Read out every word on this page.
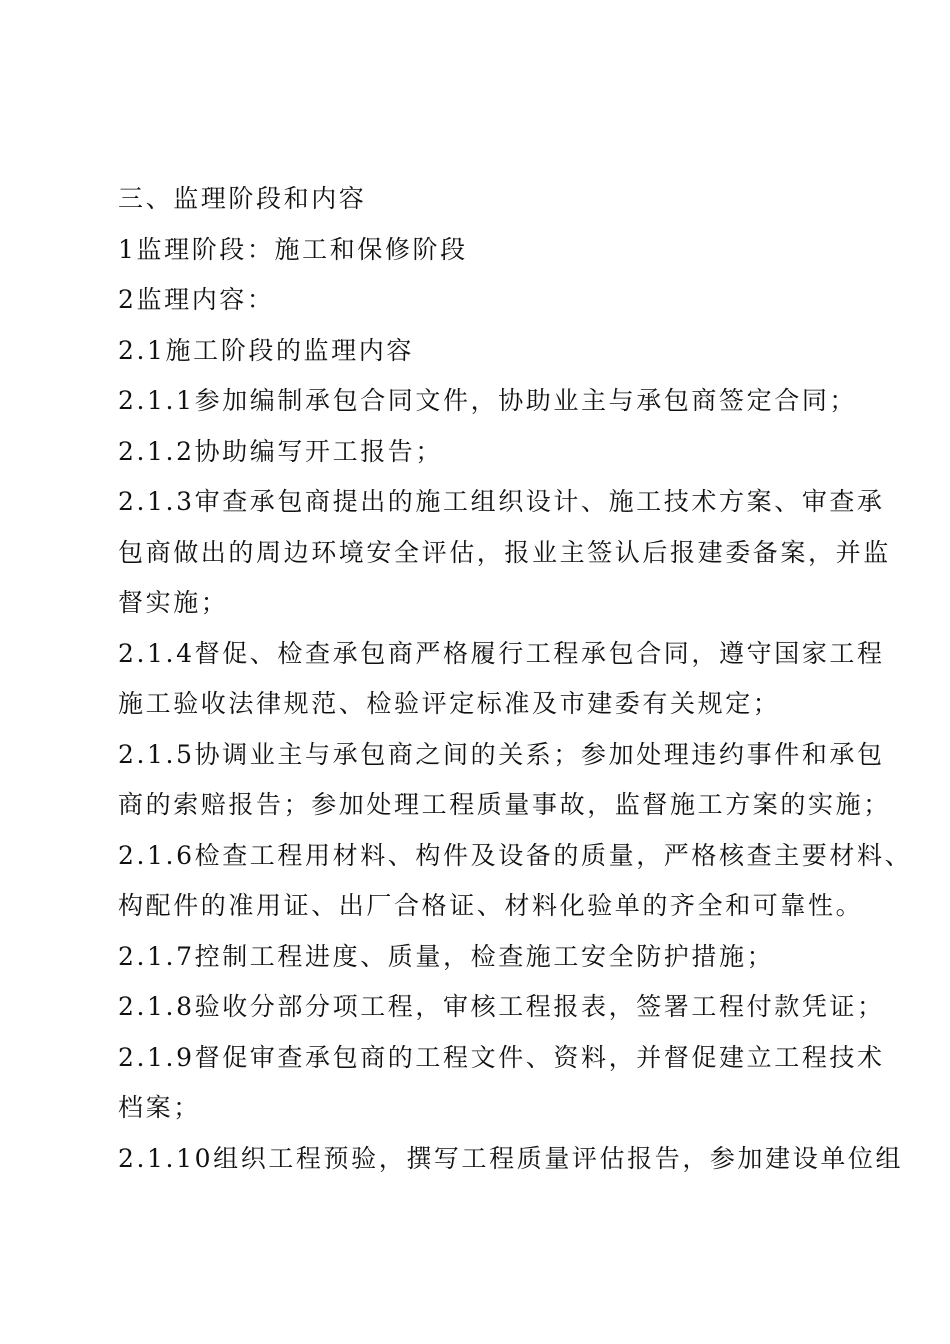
三、监理阶段和内容
1监理阶段：施工和保修阶段
2监理内容：
2.1施工阶段的监理内容
2.1.1参加编制承包合同文件，协助业主与承包商签定合同；
2.1.2协助编写开工报告；
2.1.3审查承包商提出的施工组织设计、施工技术方案、审查承
包商做出的周边环境安全评估，报业主签认后报建委备案，并监
督实施；
2.1.4督促、检查承包商严格履行工程承包合同，遵守国家工程
施工验收法律规范、检验评定标准及市建委有关规定；
2.1.5协调业主与承包商之间的关系；参加处理违约事件和承包
商的索赔报告；参加处理工程质量事故，监督施工方案的实施；
2.1.6检查工程用材料、构件及设备的质量，严格核查主要材料、
构配件的准用证、出厂合格证、材料化验单的齐全和可靠性。
2.1.7控制工程进度、质量，检查施工安全防护措施；
2.1.8验收分部分项工程，审核工程报表，签署工程付款凭证；
2.1.9督促审查承包商的工程文件、资料，并督促建立工程技术
档案；
2.1.10组织工程预验，撰写工程质量评估报告，参加建设单位组
